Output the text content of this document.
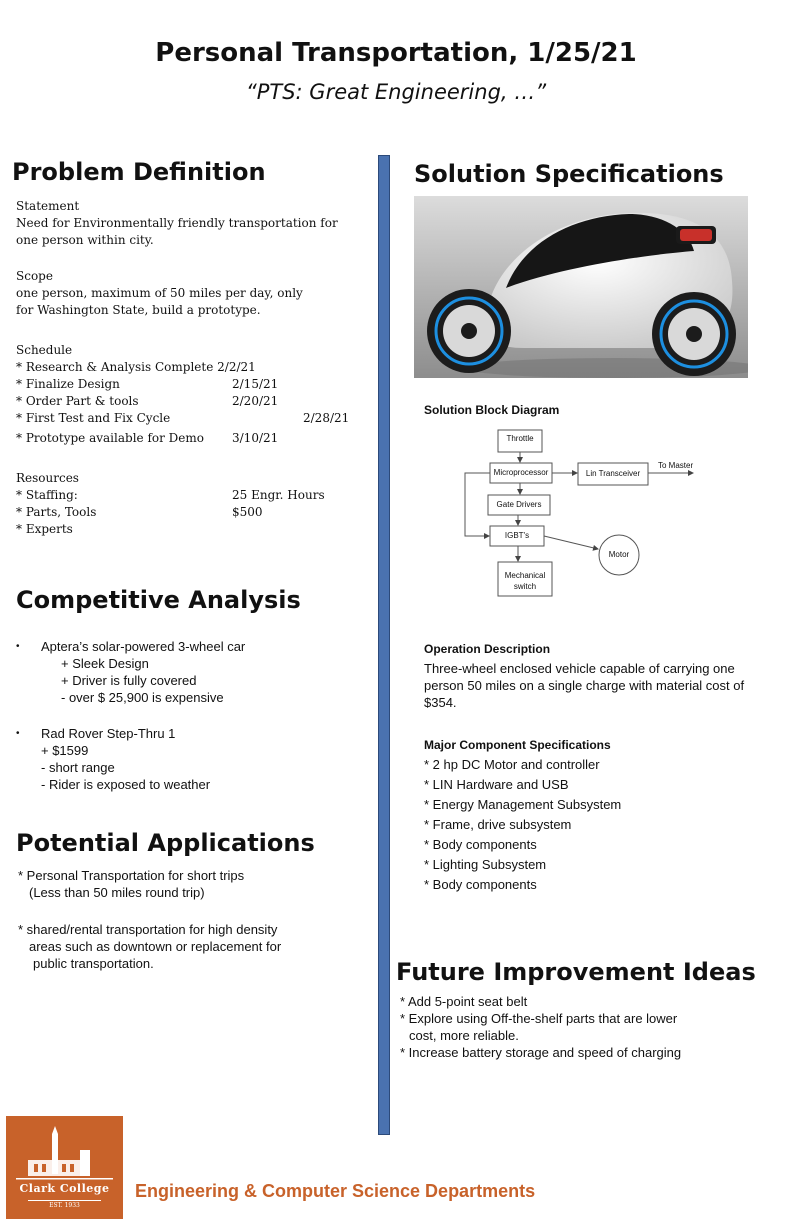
Personal Transportation, 1/25/21
“PTS: Great Engineering, …”
Problem Definition
Statement
Need for Environmentally friendly transportation for one person within city.
Scope
one person, maximum of 50 miles per day, only for Washington State, build a prototype.
Schedule
* Research & Analysis Complete 2/2/21
* Finalize Design	2/15/21
* Order Part & tools	2/20/21
* First Test and Fix Cycle	2/28/21
* Prototype available for Demo 3/10/21
Resources
* Staffing:	25 Engr. Hours
* Parts, Tools	$500
* Experts
Competitive Analysis
• Aptera’s solar-powered 3-wheel car
+ Sleek Design
+ Driver is fully covered
- over $ 25,900 is expensive
• Rad Rover Step-Thru 1
+ $1599
- short range
- Rider is exposed to weather
Potential Applications
* Personal Transportation for short trips
(Less than 50 miles round trip)
* shared/rental transportation for high density
areas such as downtown or replacement for
public transportation.
Solution Specifications
Solution Block Diagram
Throttle
Microprocessor	Lin Transceiver
To Master
Gate Drivers
IGBT's
Motor
Mechanical
switch
Operation Description
Three-wheel enclosed vehicle capable of carrying one person 50 miles on a single charge with material cost of $354.
Major Component Specifications
* 2 hp DC Motor and controller
* LIN Hardware and USB
* Energy Management Subsystem
* Frame, drive subsystem
* Body components
* Lighting Subsystem
* Body components
Future Improvement Ideas
* Add 5-point seat belt
* Explore using Off-the-shelf parts that are lower
cost, more reliable.
* Increase battery storage and speed of charging
Clark College
EST. 1933
Engineering & Computer Science Departments
